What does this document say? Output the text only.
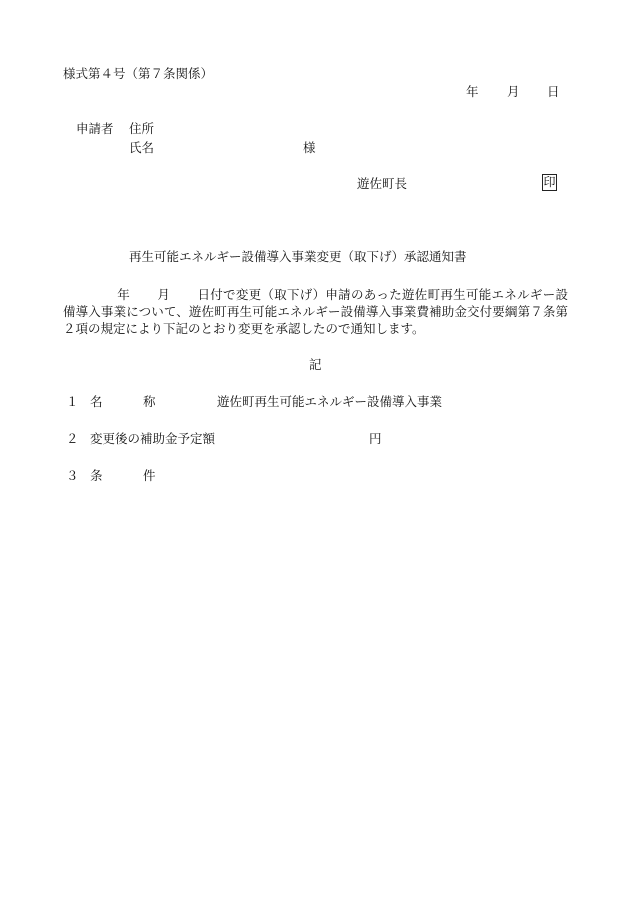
様式第４号（第７条関係）
年 月 日
申請者 住所
氏名	様
遊佐町長	印
再生可能エネルギー設備導入事業変更（取下げ）承認通知書
年 月 日付で変更（取下げ）申請のあった遊佐町再生可能エネルギー設備導入事業について、遊佐町再生可能エネルギー設備導入事業費補助金交付要綱第７条第２項の規定により下記のとおり変更を承認したので通知します。
記
１ 名	称	遊佐町再生可能エネルギー設備導入事業
２ 変更後の補助金予定額	円
３ 条	件
